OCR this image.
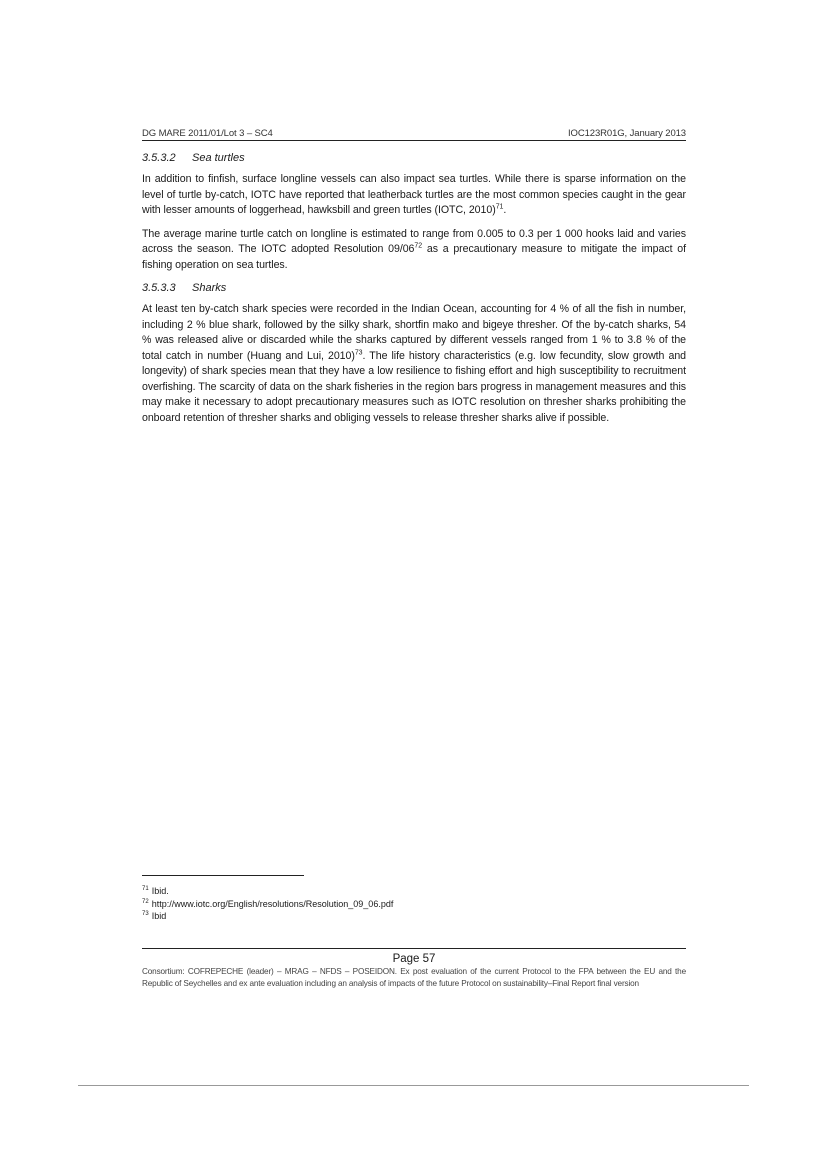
DG MARE 2011/01/Lot 3 – SC4	IOC123R01G, January 2013
3.5.3.2 Sea turtles

In addition to finfish, surface longline vessels can also impact sea turtles. While there is sparse information on the level of turtle by-catch, IOTC have reported that leatherback turtles are the most common species caught in the gear with lesser amounts of loggerhead, hawksbill and green turtles (IOTC, 2010)$^{71}$.

The average marine turtle catch on longline is estimated to range from 0.005 to 0.3 per 1 000 hooks laid and varies across the season. The IOTC adopted Resolution $09/06^{72}$ as a precautionary measure to mitigate the impact of fishing operation on sea turtles.

3.5.3.3 Sharks

At least ten by-catch shark species were recorded in the Indian Ocean, accounting for 4 % of all the fish in number, including 2 % blue shark, followed by the silky shark, shortfin mako and bigeye thresher. Of the by-catch sharks, 54 % was released alive or discarded while the sharks captured by different vessels ranged from 1 % to 3.8 % of the total catch in number (Huang and Lui, 2010)$^{73}$. The life history characteristics (e.g. low fecundity, slow growth and longevity) of shark species mean that they have a low resilience to fishing effort and high susceptibility to recruitment overfishing. The scarcity of data on the shark fisheries in the region bars progress in management measures and this may make it necessary to adopt precautionary measures such as IOTC resolution on thresher sharks prohibiting the onboard retention of thresher sharks and obliging vessels to release thresher sharks alive if possible.

$^{71}$ Ibid.
$^{72}$ http://www.iotc.org/English/resolutions/Resolution_09_06.pdf
$^{73}$ Ibid
Page 57
Consortium: COFREPECHE (leader) – MRAG – NFDS – POSEIDON. Ex post evaluation of the current Protocol to the FPA between the EU and the Republic of Seychelles and ex ante evaluation including an analysis of impacts of the future Protocol on sustainability–Final Report final version
